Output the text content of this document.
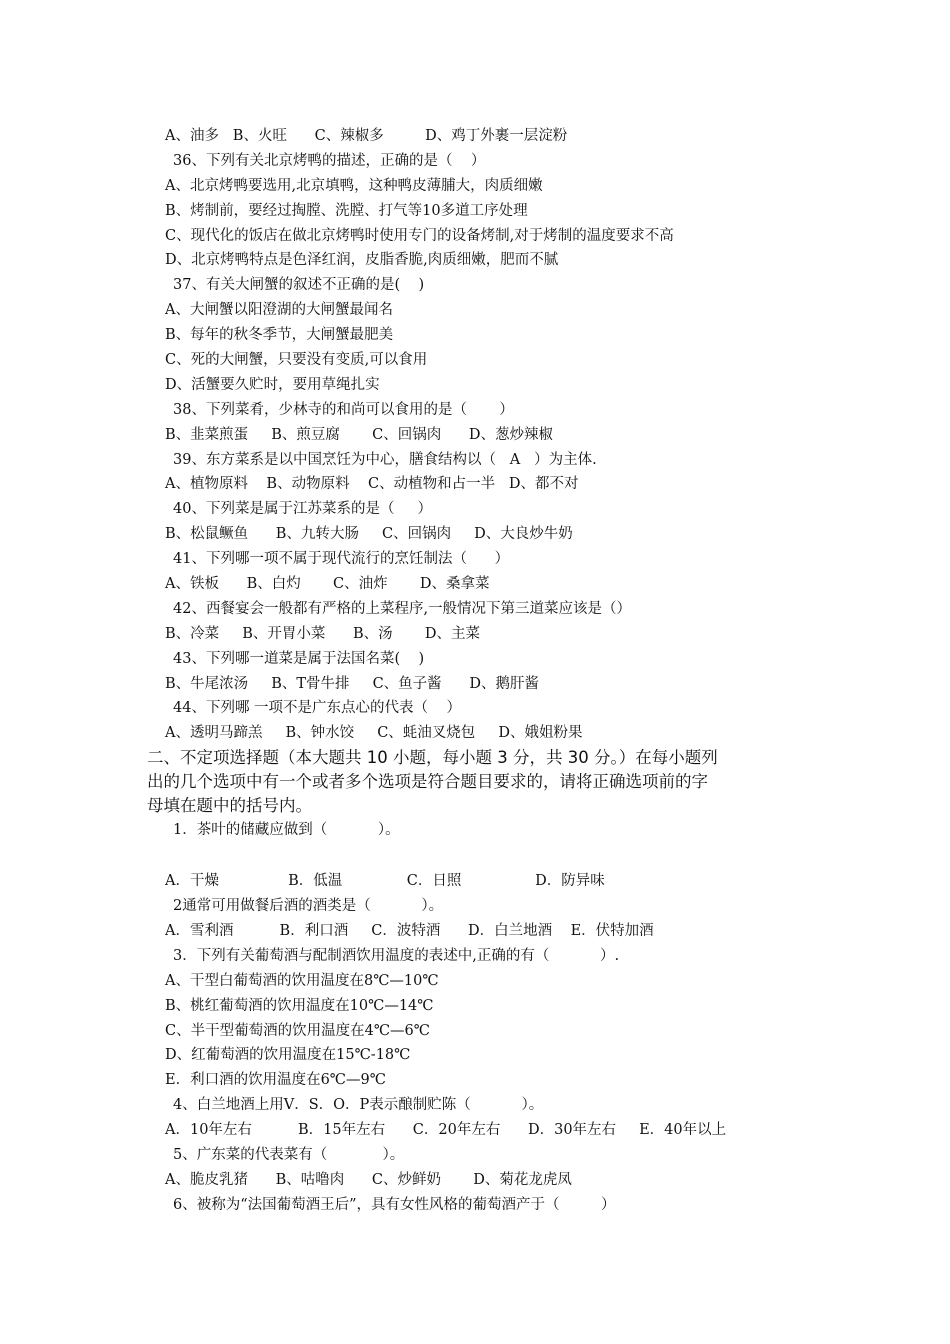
A、油多   B、火旺      C、辣椒多         D、鸡丁外裹一层淀粉
36、下列有关北京烤鸭的描述，正确的是（    ）
A、北京烤鸭要选用,北京填鸭，这种鸭皮薄脯大，肉质细嫩
B、烤制前，要经过掏膛、洗膛、打气等10多道工序处理
C、现代化的饭店在做北京烤鸭时使用专门的设备烤制,对于烤制的温度要求不高
D、北京烤鸭特点是色泽红润，皮脂香脆,肉质细嫩，肥而不腻
37、有关大闸蟹的叙述不正确的是(    )
A、大闸蟹以阳澄湖的大闸蟹最闻名
B、每年的秋冬季节，大闸蟹最肥美
C、死的大闸蟹，只要没有变质,可以食用
D、活蟹要久贮时，要用草绳扎实
38、下列菜肴，少林寺的和尚可以食用的是（       ）
B、韭菜煎蛋     B、煎豆腐       C、回锅肉      D、葱炒辣椒
39、东方菜系是以中国烹饪为中心，膳食结构以（   A   ）为主体.
A、植物原料    B、动物原料    C、动植物和占一半   D、都不对
40、下列菜是属于江苏菜系的是（     ）
B、松鼠鳜鱼      B、九转大肠     C、回锅肉     D、大良炒牛奶
41、下列哪一项不属于现代流行的烹饪制法（      ）
A、铁板      B、白灼       C、油炸       D、桑拿菜
42、西餐宴会一般都有严格的上菜程序,一般情况下第三道菜应该是（）
B、冷菜     B、开胃小菜      B、汤       D、主菜
43、下列哪一道菜是属于法国名菜(    )
B、牛尾浓汤     B、T骨牛排     C、鱼子酱      D、鹅肝酱
44、下列哪 一项不是广东点心的代表（    ）
A、透明马蹄羔     B、钟水饺     C、蚝油叉烧包     D、娥姐粉果
二、不定项选择题（本大题共 10 小题，每小题 3 分，共 30 分。）在每小题列
出的几个选项中有一个或者多个选项是符合题目要求的，请将正确选项前的字
母填在题中的括号内。
1．茶叶的储藏应做到（           ）。
A．干燥               B．低温              C．日照                D．防异味
2通常可用做餐后酒的酒类是（           ）。
A．雪利酒          B．利口酒     C．波特酒      D．白兰地酒    E．伏特加酒
3．下列有关葡萄酒与配制酒饮用温度的表述中,正确的有（           ）.
A、干型白葡萄酒的饮用温度在8℃—10℃
B、桃红葡萄酒的饮用温度在10℃—14℃
C、半干型葡萄酒的饮用温度在4℃—6℃
D、红葡萄酒的饮用温度在15℃-18℃
E．利口酒的饮用温度在6℃—9℃
4、白兰地酒上用V．S．O．P表示酿制贮陈（           ）。
A．10年左右          B．15年左右      C．20年左右      D．30年左右     E．40年以上
5、广东菜的代表菜有（            ）。
A、脆皮乳猪      B、咕噜肉      C、炒鲜奶       D、菊花龙虎凤
6、被称为“法国葡萄酒王后”，具有女性风格的葡萄酒产于（         ）
